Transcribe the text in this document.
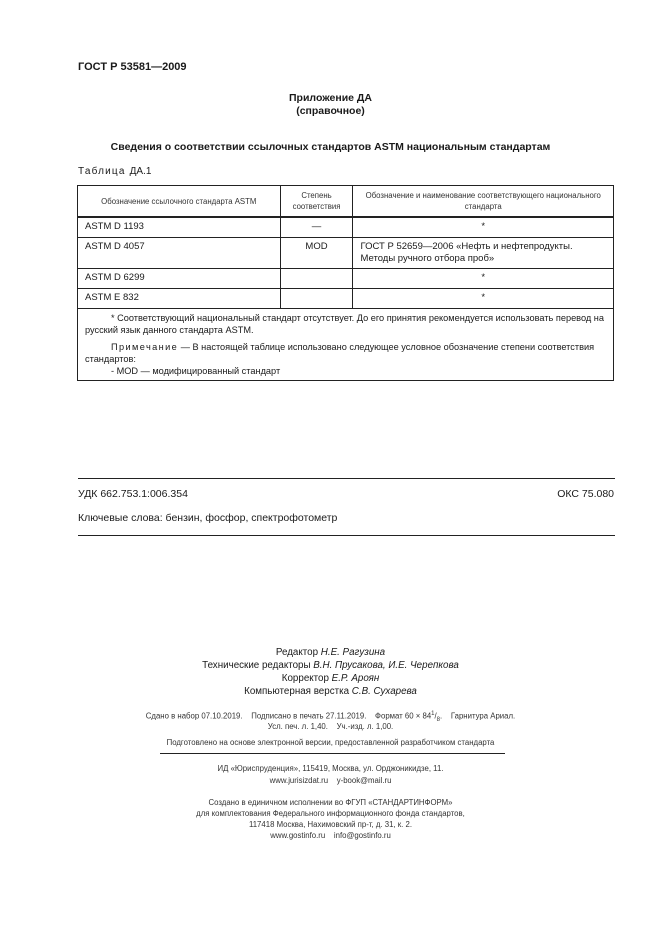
ГОСТ Р 53581—2009
Приложение ДА
(справочное)
Сведения о соответствии ссылочных стандартов ASTM национальным стандартам
Таблица ДА.1
Обозначение ссылочного стандарта ASTM	Степень соответствия	Обозначение и наименование соответствующего национального стандарта
ASTM D 1193	—	*
ASTM D 4057	MOD	ГОСТ Р 52659—2006 «Нефть и нефтепродукты. Методы ручного отбора проб»
ASTM D 6299		*
ASTM E 832		*

* Соответствующий национальный стандарт отсутствует. До его принятия рекомендуется использовать перевод на русский язык данного стандарта ASTM.

Примечание — В настоящей таблице использовано следующее условное обозначение степени соответствия стандартов:

- MOD — модифицированный стандарт		

УДК 662.753.1:006.354	ОКС 75.080
Ключевые слова: бензин, фосфор, спектрофотометр
Редактор Н.Е. Рагузина
Технические редакторы В.Н. Прусакова, И.Е. Черепкова
Корректор Е.Р. Ароян
Компьютерная верстка С.В. Сухарева
Сдано в набор 07.10.2019.    Подписано в печать 27.11.2019.    Формат $60 \times 84^1/_8$.    Гарнитура Ариал.
Усл. печ. л. 1,40.    Уч.-изд. л. 1,00.
Подготовлено на основе электронной версии, предоставленной разработчиком стандарта
ИД «Юриспруденция», 115419, Москва, ул. Орджоникидзе, 11.
www.jurisizdat.ru    y-book@mail.ru
Создано в единичном исполнении во ФГУП «СТАНДАРТИНФОРМ»
для комплектования Федерального информационного фонда стандартов,
117418 Москва, Нахимовский пр-т, д. 31, к. 2.
www.gostinfo.ru    info@gostinfo.ru
